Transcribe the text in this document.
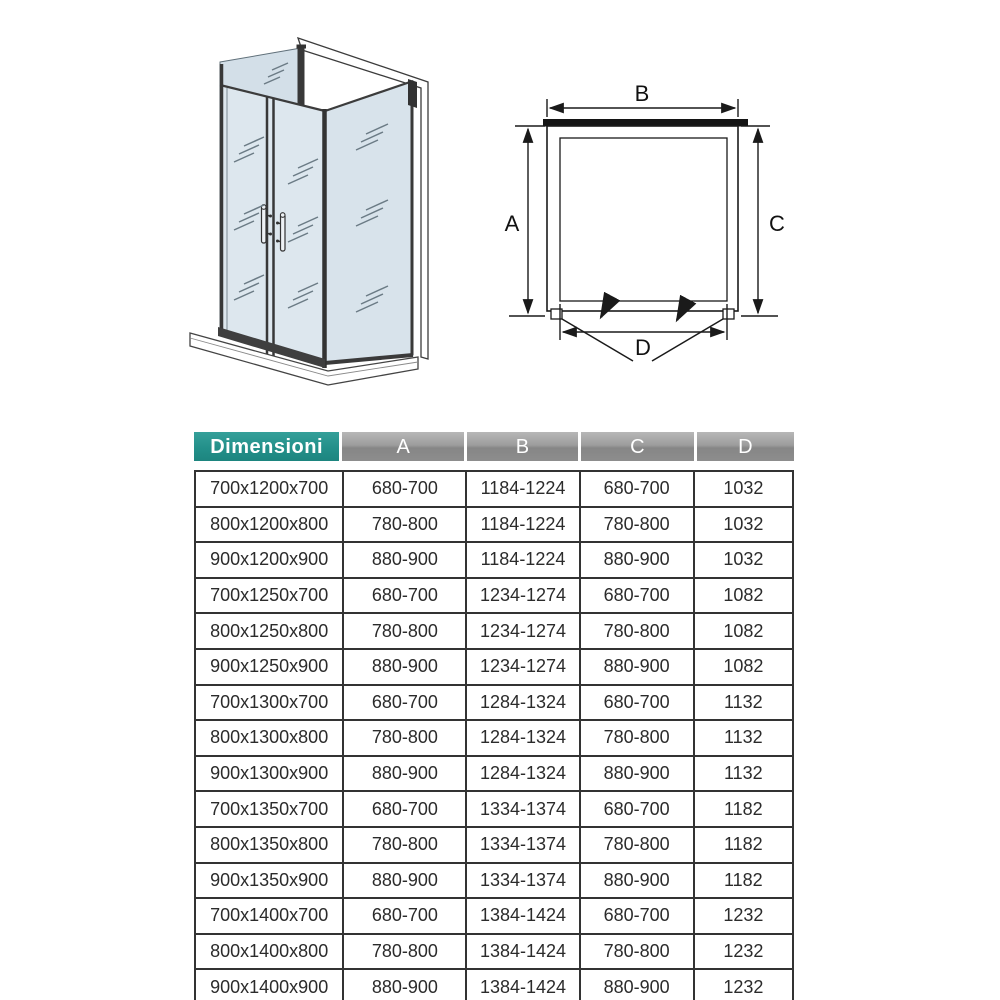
A	C
B
D
Dimensioni	A	B	C	D
700x1200x700	680-700	1184-1224	680-700	1032
800x1200x800	780-800	1184-1224	780-800	1032
900x1200x900	880-900	1184-1224	880-900	1032
700x1250x700	680-700	1234-1274	680-700	1082
800x1250x800	780-800	1234-1274	780-800	1082
900x1250x900	880-900	1234-1274	880-900	1082
700x1300x700	680-700	1284-1324	680-700	1132
800x1300x800	780-800	1284-1324	780-800	1132
900x1300x900	880-900	1284-1324	880-900	1132
700x1350x700	680-700	1334-1374	680-700	1182
800x1350x800	780-800	1334-1374	780-800	1182
900x1350x900	880-900	1334-1374	880-900	1182
700x1400x700	680-700	1384-1424	680-700	1232
800x1400x800	780-800	1384-1424	780-800	1232
900x1400x900	880-900	1384-1424	880-900	1232
